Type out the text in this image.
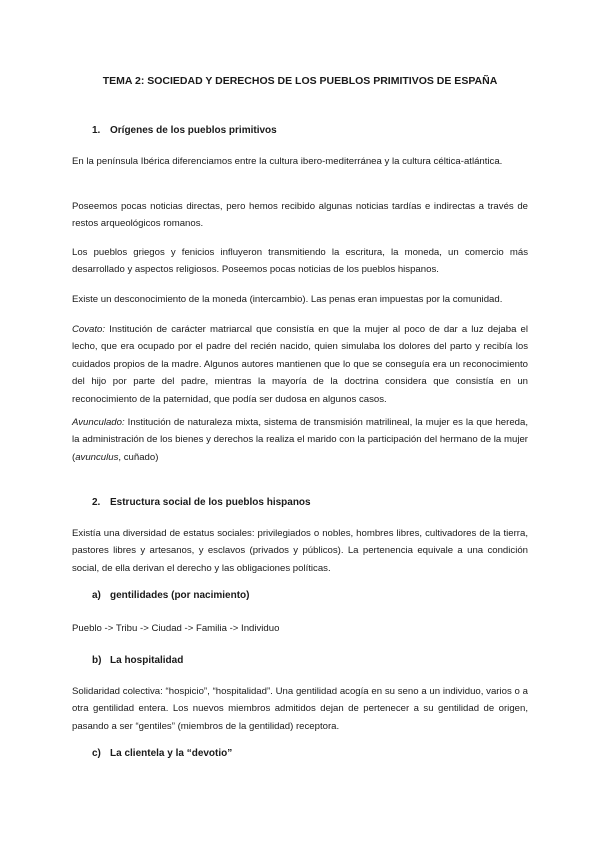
TEMA 2: SOCIEDAD Y DERECHOS DE LOS PUEBLOS PRIMITIVOS DE ESPAÑA
1. Orígenes de los pueblos primitivos
En la península Ibérica diferenciamos entre la cultura ibero-mediterránea y la cultura céltica-atlántica.
Poseemos pocas noticias directas, pero hemos recibido algunas noticias tardías e indirectas a través de restos arqueológicos romanos.
Los pueblos griegos y fenicios influyeron transmitiendo la escritura, la moneda, un comercio más desarrollado y aspectos religiosos. Poseemos pocas noticias de los pueblos hispanos.
Existe un desconocimiento de la moneda (intercambio). Las penas eran impuestas por la comunidad.
Covato: Institución de carácter matriarcal que consistía en que la mujer al poco de dar a luz dejaba el lecho, que era ocupado por el padre del recién nacido, quien simulaba los dolores del parto y recibía los cuidados propios de la madre. Algunos autores mantienen que lo que se conseguía era un reconocimiento del hijo por parte del padre, mientras la mayoría de la doctrina considera que consistía en un reconocimiento de la paternidad, que podía ser dudosa en algunos casos.
Avunculado: Institución de naturaleza mixta, sistema de transmisión matrilineal, la mujer es la que hereda, la administración de los bienes y derechos la realiza el marido con la participación del hermano de la mujer (avunculus, cuñado)
2. Estructura social de los pueblos hispanos
Existía una diversidad de estatus sociales: privilegiados o nobles, hombres libres, cultivadores de la tierra, pastores libres y artesanos, y esclavos (privados y públicos). La pertenencia equivale a una condición social, de ella derivan el derecho y las obligaciones políticas.
a) gentilidades (por nacimiento)
Pueblo -> Tribu -> Ciudad -> Familia -> Individuo
b) La hospitalidad
Solidaridad colectiva: “hospicio”, “hospitalidad”. Una gentilidad acogía en su seno a un individuo, varios o a otra gentilidad entera. Los nuevos miembros admitidos dejan de pertenecer a su gentilidad de origen, pasando a ser “gentiles” (miembros de la gentilidad) receptora.
c) La clientela y la “devotio”
